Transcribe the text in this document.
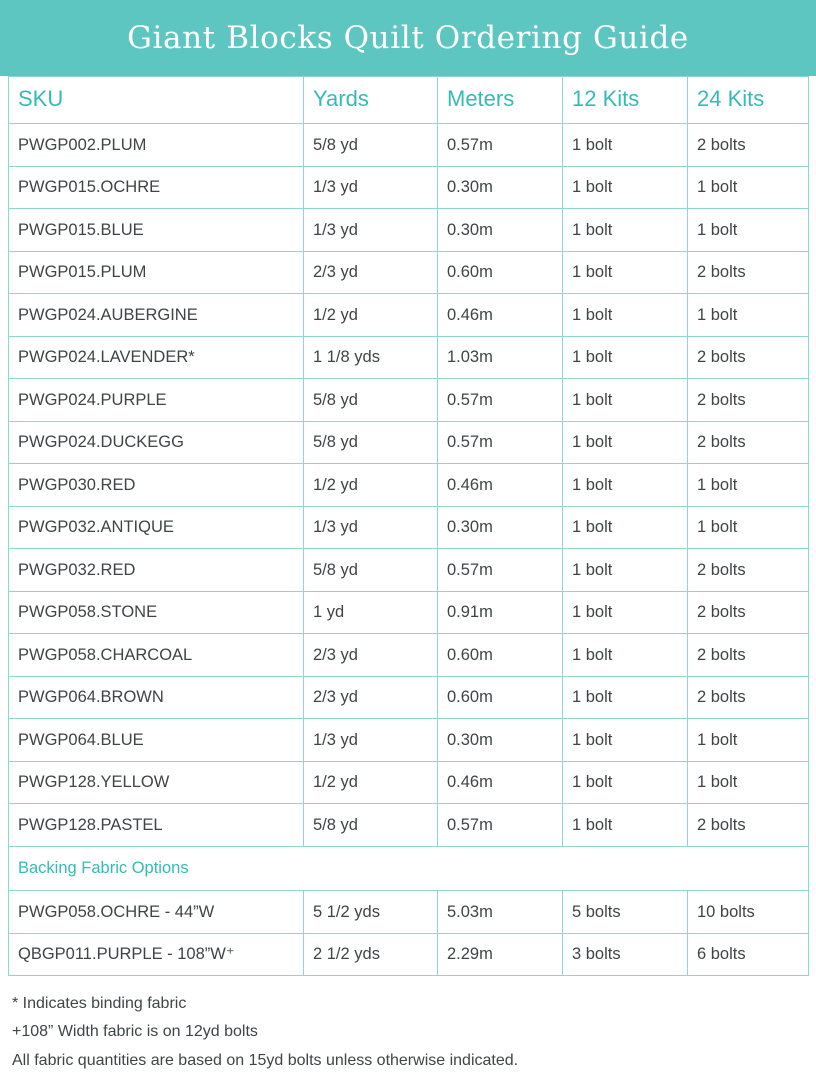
Giant Blocks Quilt Ordering Guide
SKU	Yards	Meters	12 Kits	24 Kits
PWGP002.PLUM	5/8 yd	0.57m	1 bolt	2 bolts
PWGP015.OCHRE	1/3 yd	0.30m	1 bolt	1 bolt
PWGP015.BLUE	1/3 yd	0.30m	1 bolt	1 bolt
PWGP015.PLUM	2/3 yd	0.60m	1 bolt	2 bolts
PWGP024.AUBERGINE	1/2 yd	0.46m	1 bolt	1 bolt
PWGP024.LAVENDER*	1 1/8 yds	1.03m	1 bolt	2 bolts
PWGP024.PURPLE	5/8 yd	0.57m	1 bolt	2 bolts
PWGP024.DUCKEGG	5/8 yd	0.57m	1 bolt	2 bolts
PWGP030.RED	1/2 yd	0.46m	1 bolt	1 bolt
PWGP032.ANTIQUE	1/3 yd	0.30m	1 bolt	1 bolt
PWGP032.RED	5/8 yd	0.57m	1 bolt	2 bolts
PWGP058.STONE	1 yd	0.91m	1 bolt	2 bolts
PWGP058.CHARCOAL	2/3 yd	0.60m	1 bolt	2 bolts
PWGP064.BROWN	2/3 yd	0.60m	1 bolt	2 bolts
PWGP064.BLUE	1/3 yd	0.30m	1 bolt	1 bolt
PWGP128.YELLOW	1/2 yd	0.46m	1 bolt	1 bolt
PWGP128.PASTEL	5/8 yd	0.57m	1 bolt	2 bolts
Backing Fabric Options				
PWGP058.OCHRE - 44”W	5 1/2 yds	5.03m	5 bolts	10 bolts
QBGP011.PURPLE - 108”W⁺	2 1/2 yds	2.29m	3 bolts	6 bolts
* Indicates binding fabric
+108” Width fabric is on 12yd bolts
All fabric quantities are based on 15yd bolts unless otherwise indicated.
